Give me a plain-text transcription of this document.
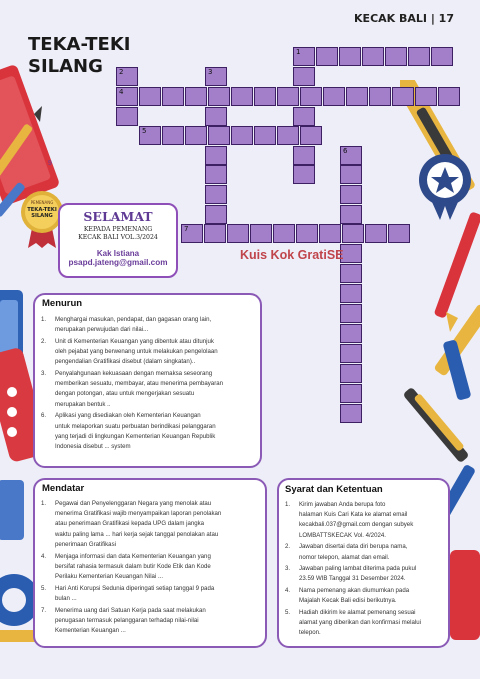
KECAK BALI | 17
TEKA-TEKI
SILANG
1
2	3
4
5
6
7
PEMENANG
TEKA-TEKI
SILANG	SELAMAT
KEPADA PEMENANG
KECAK BALI VOL.3/2024
Kak Istiana
psapd.jateng@gmail.com
Kuis Kok GratiSE
9
Menurun
1. Menghargai masukan, pendapat, dan gagasan orang lain,
merupakan perwujudan dari nilai...
2. Unit di Kementerian Keuangan yang dibentuk atau ditunjuk
oleh pejabat yang berwenang untuk melakukan pengelolaan
pengendalian Gratifikasi disebut (dalam singkatan)..
3. Penyalahgunaan kekuasaan dengan memaksa seseorang
memberikan sesuatu, membayar, atau menerima pembayaran
dengan potongan, atau untuk mengerjakan sesuatu
merupakan bentuk ..
6. Aplikasi yang disediakan oleh Kementerian Keuangan
untuk melaporkan suatu perbuatan berindikasi pelanggaran
yang terjadi di lingkungan Kementerian Keuangan Republik
Indonesia disebut ... system
Mendatar
1. Pegawai dan Penyelenggaran Negara yang menolak atau
menerima Gratifikasi wajib menyampaikan laporan penolakan
atau penerimaan Gratifikasi kepada UPG dalam jangka
waktu paling lama ... hari kerja sejak tanggal penolakan atau
penerimaan Gratifikasi
4. Menjaga informasi dan data Kementerian Keuangan yang
bersifat rahasia termasuk dalam butir Kode Etik dan Kode
Perilaku Kementerian Keuangan Nilai ...
5. Hari Anti Korupsi Sedunia diperingati setiap tanggal 9 pada
bulan ...
7. Menerima uang dari Satuan Kerja pada saat melakukan
penugasan termasuk pelanggaran terhadap nilai-nilai
Kementerian Keuangan ...
Syarat dan Ketentuan
1. Kirim jawaban Anda berupa foto
halaman Kuis Cari Kata ke alamat email
kecakbali.037@gmail.com dengan subyek
LOMBATTSKECAK Vol. 4/2024.
2. Jawaban disertai data diri berupa nama,
nomor telepon, alamat dan email.
3. Jawaban paling lambat diterima pada pukul
23.59 WIB Tanggal 31 Desember 2024.
4. Nama pemenang akan diumumkan pada
Majalah Kecak Bali edisi berikutnya.
5. Hadiah dikirim ke alamat pemenang sesuai
alamat yang diberikan dan konfirmasi melalui
telepon.
